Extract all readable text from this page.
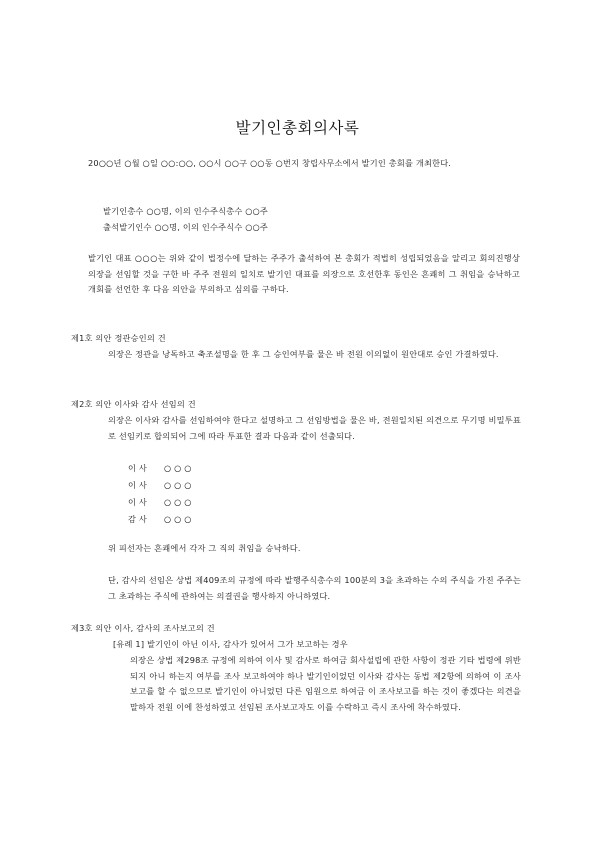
발기인총회의사록

20○○년 ○월 ○일 ○○:○○, ○○시 ○○구 ○○동 ○번지 창립사무소에서 발기인 총회를 개최한다.

발기인총수 ○○명, 이의 인수주식총수 ○○주

출석발기인수 ○○명, 이의 인수주식수 ○○주

발기인 대표 ○○○는 위와 같이 법정수에 달하는 주주가 출석하여 본 총회가 적법히 성립되었음을 알리고 회의진행상 의장을 선임할 것을 구한 바 주주 전원의 일치로 발기인 대표를 의장으로 호선한후 동인은 흔쾌히 그 취임을 승낙하고 개회를 선언한 후 다음 의안을 부의하고 심의를 구하다.

제1호 의안 정관승인의 건

의장은 정관을 낭독하고 축조설명을 한 후 그 승인여부를 물은 바 전원 이의없이 원안대로 승인 가결하였다.

제2호 의안 이사와 감사 선임의 건

의장은 이사와 감사를 선임하여야 한다고 설명하고 그 선임방법을 물은 바, 전원일치된 의견으로 무기명 비밀투표로 선임키로 합의되어 그에 따라 투표한 결과 다음과 같이 선출되다.

이 사 ○ ○ ○
이 사 ○ ○ ○
이 사 ○ ○ ○
감 사 ○ ○ ○

위 피선자는 흔쾌에서 각자 그 직의 취임을 승낙하다.

단, 감사의 선임은 상법 제409조의 규정에 따라 발행주식총수의 100분의 3을 초과하는 수의 주식을 가진 주주는 그 초과하는 주식에 관하여는 의결권을 행사하지 아니하였다.

제3호 의안 이사, 감사의 조사보고의 건

[유례 1] 발기인이 아닌 이사, 감사가 있어서 그가 보고하는 경우

의장은 상법 제298조 규정에 의하여 이사 및 감사로 하여금 회사설립에 관한 사항이 정관 기타 법령에 위반되지 아니 하는지 여부를 조사 보고하여야 하나 발기인이었던 이사와 감사는 동법 제2항에 의하여 이 조사보고를 할 수 없으므로 발기인이 아니었던 다른 임원으로 하여금 이 조사보고를 하는 것이 좋겠다는 의견을 말하자 전원 이에 찬성하였고 선임된 조사보고자도 이를 수락하고 즉시 조사에 착수하였다.
